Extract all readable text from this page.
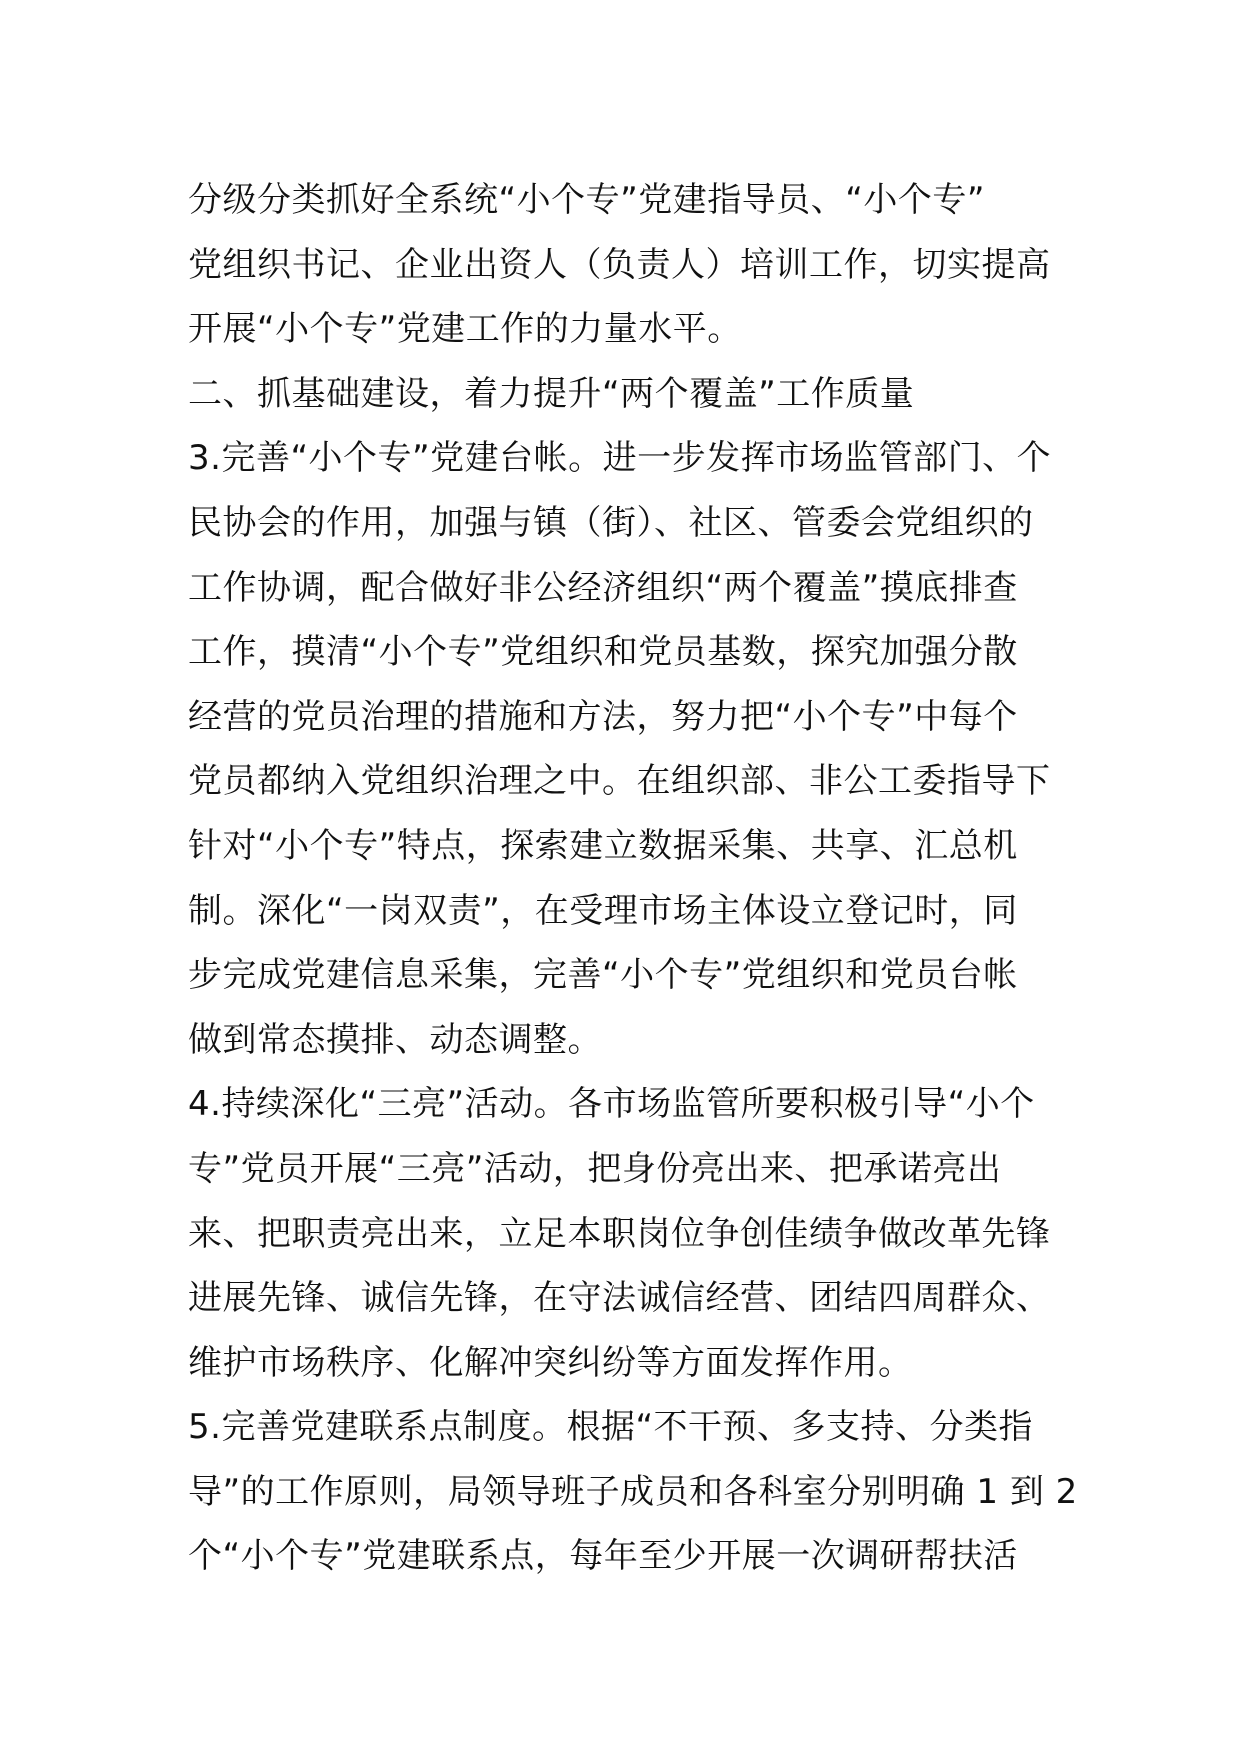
分级分类抓好全系统“小个专”党建指导员、“小个专”
党组织书记、企业出资人（负责人）培训工作，切实提高
开展“小个专”党建工作的力量水平。
二、抓基础建设，着力提升“两个覆盖”工作质量
3.完善“小个专”党建台帐。进一步发挥市场监管部门、个
民协会的作用，加强与镇（街）、社区、管委会党组织的
工作协调，配合做好非公经济组织“两个覆盖”摸底排查
工作，摸清“小个专”党组织和党员基数，探究加强分散
经营的党员治理的措施和方法，努力把“小个专”中每个
党员都纳入党组织治理之中。在组织部、非公工委指导下
针对“小个专”特点，探索建立数据采集、共享、汇总机
制。深化“一岗双责”，在受理市场主体设立登记时，同
步完成党建信息采集，完善“小个专”党组织和党员台帐
做到常态摸排、动态调整。
4.持续深化“三亮”活动。各市场监管所要积极引导“小个
专”党员开展“三亮”活动，把身份亮出来、把承诺亮出
来、把职责亮出来，立足本职岗位争创佳绩争做改革先锋
进展先锋、诚信先锋，在守法诚信经营、团结四周群众、
维护市场秩序、化解冲突纠纷等方面发挥作用。
5.完善党建联系点制度。根据“不干预、多支持、分类指
导”的工作原则，局领导班子成员和各科室分别明确 1 到 2
个“小个专”党建联系点，每年至少开展一次调研帮扶活
